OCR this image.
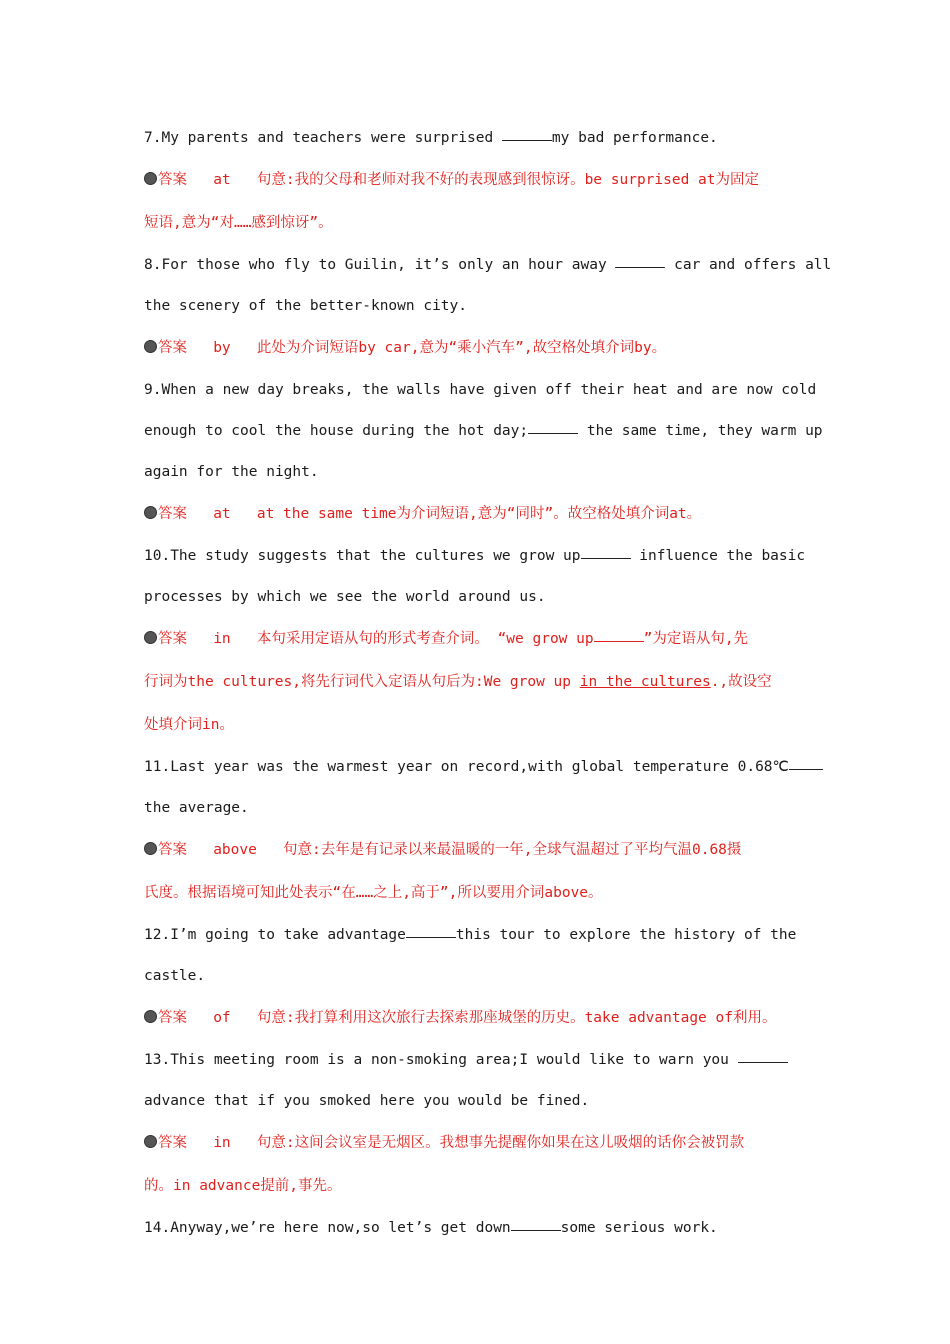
7.My parents and teachers were surprised	my bad performance.
答案   at   句意:我的父母和老师对我不好的表现感到很惊讶。be surprised at为固定
短语,意为“对……感到惊讶”。
8.For those who fly to Guilin, it’s only an hour away	car and offers all
the scenery of the better-known city.
答案   by   此处为介词短语by car,意为“乘小汽车”,故空格处填介词by。
9.When a new day breaks, the walls have given off their heat and are now cold
enough to cool the house during the hot day;	the same time, they warm up
again for the night.
答案   at   at the same time为介词短语,意为“同时”。故空格处填介词at。
10.The study suggests that the cultures we grow up	influence the basic
processes by which we see the world around us.
答案   in   本句采用定语从句的形式考查介词。 “we grow up	”为定语从句,先
行词为the cultures,将先行词代入定语从句后为:We grow up in the cultures.,故设空
处填介词in。
11.Last year was the warmest year on record,with global temperature 0.68℃
the average.
答案   above   句意:去年是有记录以来最温暖的一年,全球气温超过了平均气温0.68摄
氏度。根据语境可知此处表示“在……之上,高于”,所以要用介词above。
12.I’m going to take advantage	this tour to explore the history of the
castle.
答案   of   句意:我打算利用这次旅行去探索那座城堡的历史。take advantage of利用。
13.This meeting room is a non-smoking area;I would like to warn you
advance that if you smoked here you would be fined.
答案   in   句意:这间会议室是无烟区。我想事先提醒你如果在这儿吸烟的话你会被罚款
的。in advance提前,事先。
14.Anyway,we’re here now,so let’s get down	some serious work.
